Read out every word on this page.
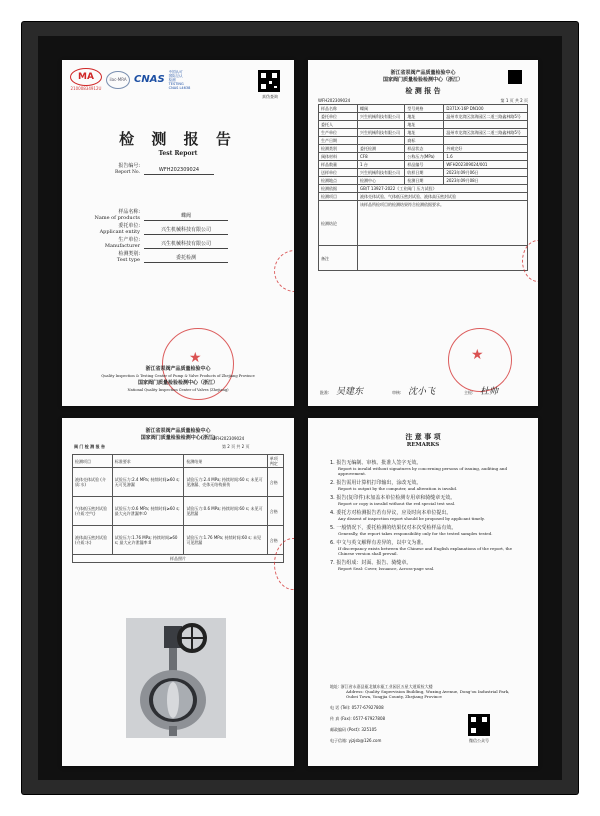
MA
21000834912U
ilac-MRA CNAS
中国认可
国际互认
检测
TESTING
CNAS L4638
真伪查询
检 测 报 告
Test Report
报告编号:
Report No.	WFH202309024
样品名称:
Name of products	蝶阀
委托单位:
Applicant entity	兴生机械科技有限公司
生产单位:
Manufacturer	兴生机械科技有限公司
检测类别:
Test type	委托检测
★
浙江省泵阀产品质量检验中心
Quality Inspection & Testing Center of Pump & Valve Products of Zhejiang Province
国家阀门质量检验检测中心（浙江）
National Quality Inspection Center of Valves (Zhejiang)
浙江省泵阀产品质量检验中心
国家阀门质量检验检测中心（浙江）
检 测 报 告
WFH202309024	第 1 页 共 2 页
样品名称	蝶阀	型号规格	D371X-16P DN100
委托单位	兴生机械科技有限公司	地址	温州市龙湾区滨海园区二道三路鑫林路5号
委托人		地址	
生产单位	兴生机械科技有限公司	地址	温州市龙湾区滨海园区二道三路鑫林路5号
生产日期		商标	
检测类别	委托检测	样品状态	外观完好
阀体材料	CF8	公称压力(MPa)	1.6
样品数量	1 台	样品编号	WFH202309024/001
送样单位	兴生机械科技有限公司	收样日期	2023年09月06日
检测地点	检测中心	检测日期	2023年09月08日
检测依据	GB/T 13927-2022《工业阀门 压力试验》		
检测项目	液体壳体试验、气体低压密封试验、液体高压密封试验		
检测结论	该样品所检项目的检测结果符合检测依据要求。		
备注			
★
批准: 吴建东	审核: 沈小飞	主检: 杜帅
浙江省泵阀产品质量检验中心
国家阀门质量检验检测中心(浙江)
阀 门 检 测 报 告
WFH202309024
第 2 页 共 2 页
检测项目	标准要求	检测结果	单项判定
液体壳体试验 (介质:水)	试验压力:2.4 MPa; 持续时间≥60 s; 无可见渗漏	试验压力:2.4 MPa; 持续时间:60 s; 未见可见渗漏、壳体无结构损伤	合格
气体低压密封试验 (介质:空气)	试验压力:0.6 MPa; 持续时间≥60 s; 最大允许泄漏率:0	试验压力:0.6 MPa; 持续时间:60 s; 未见可见泄漏	合格
液体高压密封试验 (介质:水)	试验压力:1.76 MPa; 持续时间≥60 s; 最大允许泄漏率:0	试验压力:1.76 MPa; 持续时间:60 s; 未见可见泄漏	合格
样品照片			
注 意 事 项
REMARKS
1. 报告无编制、审核、批准人签字无效。
Report is invalid without signatures by concerning persons of issuing, auditing and approvement.
2. 报告需用计算机打印输出，涂改无效。
Report is output by the computer, and alteration is invalid.
3. 报告(复印件)未加盖本单位检测专用章和骑缝章无效。
Report or copy is invalid without the red special test seal.
4. 委托方对检测报告若有异议，应及时向本单位提出。
Any dissent of inspection report should be proposed by applicant timely.
5. 一般情况下，委托检测的结果仅对本次受检样品有效。
Generally, the report takes responsibility only for the tested samples tested.
6. 中文与英文解释有差异的，以中文为准。
If discrepancy exists between the Chinese and English explanations of the report, the Chinese version shall prevail.
7. 报告组成：封面、报告、骑缝章。
Report Seal: Cover, Issuance, Across-page seal.
地址: 浙江省永嘉县瓯北镇东瓯工业园区五星大道质检大楼
Address: Quality Supervision Building, Wuxing Avenue, Dong'ou Industrial Park, Oubei Town, Yongjia County, Zhejiang Province
电 话 (Tel): 0577-67927808
传 真 (Fax): 0577-67927808
邮政编码 (Post): 325105
电子信箱: yjzjsb@126.com	微信公众号
